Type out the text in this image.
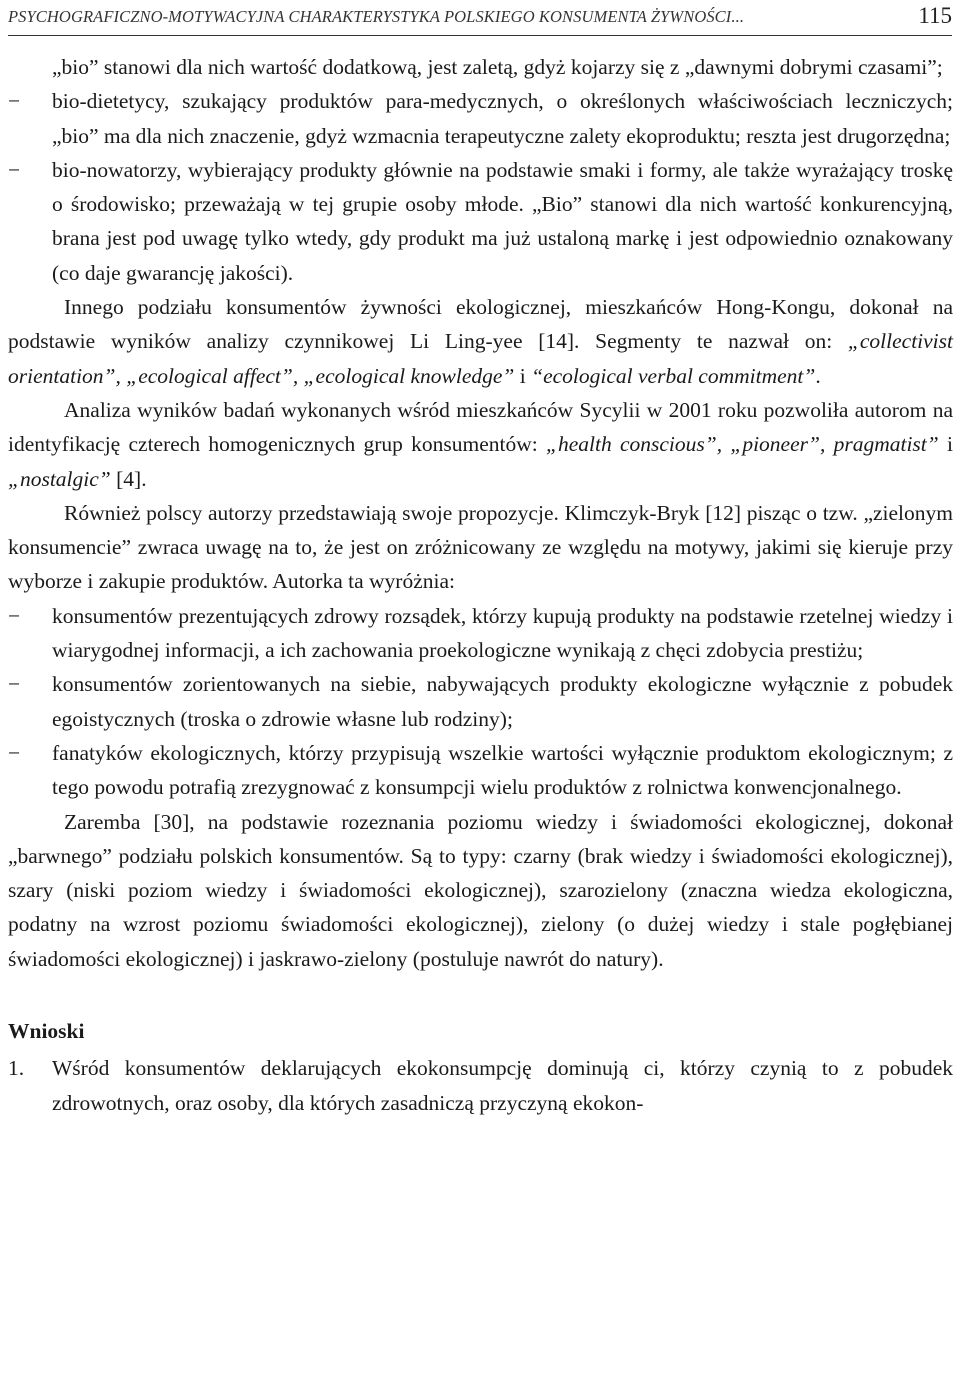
PSYCHOGRAFICZNO-MOTYWACYJNA CHARAKTERYSTYKA POLSKIEGO KONSUMENTA ŻYWNOŚCI...	115

„bio” stanowi dla nich wartość dodatkową, jest zaletą, gdyż kojarzy się z „dawnymi dobrymi czasami”;

− bio-dietetycy, szukający produktów para-medycznych, o określonych właściwościach leczniczych; „bio” ma dla nich znaczenie, gdyż wzmacnia terapeutyczne zalety ekoproduktu; reszta jest drugorzędna;
− bio-nowatorzy, wybierający produkty głównie na podstawie smaki i formy, ale także wyrażający troskę o środowisko; przeważają w tej grupie osoby młode. „Bio” stanowi dla nich wartość konkurencyjną, brana jest pod uwagę tylko wtedy, gdy produkt ma już ustaloną markę i jest odpowiednio oznakowany (co daje gwarancję jakości).

Innego podziału konsumentów żywności ekologicznej, mieszkańców Hong-Kongu, dokonał na podstawie wyników analizy czynnikowej Li Ling-yee [14]. Segmenty te nazwał on: „collectivist orientation”, „ecological affect”, „ecological knowledge” i “ecological verbal commitment”.

Analiza wyników badań wykonanych wśród mieszkańców Sycylii w 2001 roku pozwoliła autorom na identyfikację czterech homogenicznych grup konsumentów: „health conscious”, „pioneer”, pragmatist” i „nostalgic” [4].

Również polscy autorzy przedstawiają swoje propozycje. Klimczyk-Bryk [12] pisząc o tzw. „zielonym konsumencie” zwraca uwagę na to, że jest on zróżnicowany ze względu na motywy, jakimi się kieruje przy wyborze i zakupie produktów. Autorka ta wyróżnia:

− konsumentów prezentujących zdrowy rozsądek, którzy kupują produkty na podstawie rzetelnej wiedzy i wiarygodnej informacji, a ich zachowania proekologiczne wynikają z chęci zdobycia prestiżu;
− konsumentów zorientowanych na siebie, nabywających produkty ekologiczne wyłącznie z pobudek egoistycznych (troska o zdrowie własne lub rodziny);
− fanatyków ekologicznych, którzy przypisują wszelkie wartości wyłącznie produktom ekologicznym; z tego powodu potrafią zrezygnować z konsumpcji wielu produktów z rolnictwa konwencjonalnego.

Zaremba [30], na podstawie rozeznania poziomu wiedzy i świadomości ekologicznej, dokonał „barwnego” podziału polskich konsumentów. Są to typy: czarny (brak wiedzy i świadomości ekologicznej), szary (niski poziom wiedzy i świadomości ekologicznej), szarozielony (znaczna wiedza ekologiczna, podatny na wzrost poziomu świadomości ekologicznej), zielony (o dużej wiedzy i stale pogłębianej świadomości ekologicznej) i jaskrawo-zielony (postuluje nawrót do natury).

Wnioski

1. Wśród konsumentów deklarujących ekokonsumpcję dominują ci, którzy czynią to z pobudek zdrowotnych, oraz osoby, dla których zasadniczą przyczyną ekokon-
